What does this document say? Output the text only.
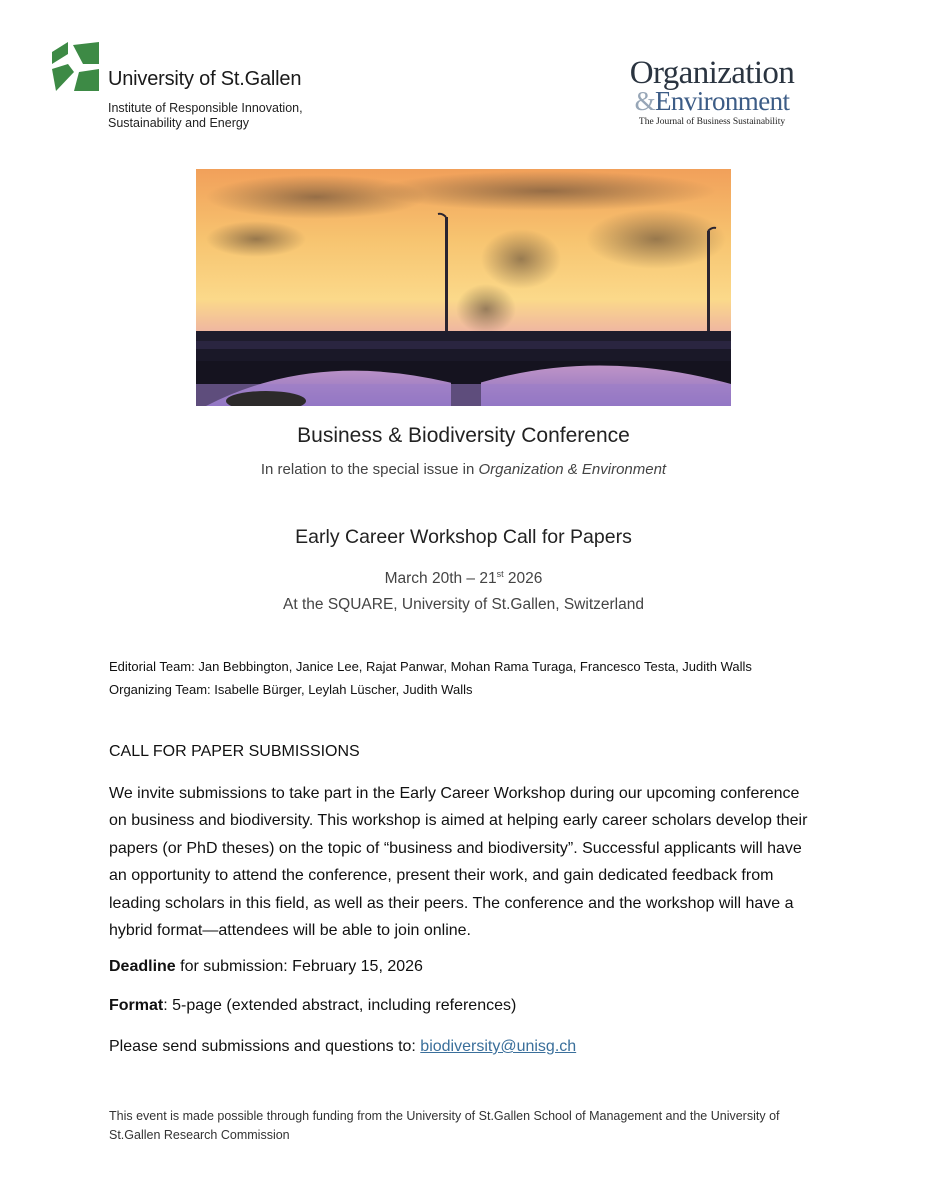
University of St.Gallen
Institute of Responsible Innovation,
Sustainability and Energy
Organization
&Environment
The Journal of Business Sustainability
Business & Biodiversity Conference
In relation to the special issue in Organization & Environment
Early Career Workshop Call for Papers
March 20th – 21st 2026
At the SQUARE, University of St.Gallen, Switzerland
Editorial Team: Jan Bebbington, Janice Lee, Rajat Panwar, Mohan Rama Turaga, Francesco Testa, Judith Walls
Organizing Team: Isabelle Bürger, Leylah Lüscher, Judith Walls
CALL FOR PAPER SUBMISSIONS
We invite submissions to take part in the Early Career Workshop during our upcoming conference on business and biodiversity. This workshop is aimed at helping early career scholars develop their papers (or PhD theses) on the topic of “business and biodiversity”. Successful applicants will have an opportunity to attend the conference, present their work, and gain dedicated feedback from leading scholars in this field, as well as their peers. The conference and the workshop will have a hybrid format—attendees will be able to join online.
Deadline for submission: February 15, 2026
Format: 5-page (extended abstract, including references)
Please send submissions and questions to: biodiversity@unisg.ch
This event is made possible through funding from the University of St.Gallen School of Management and the University of St.Gallen Research Commission
